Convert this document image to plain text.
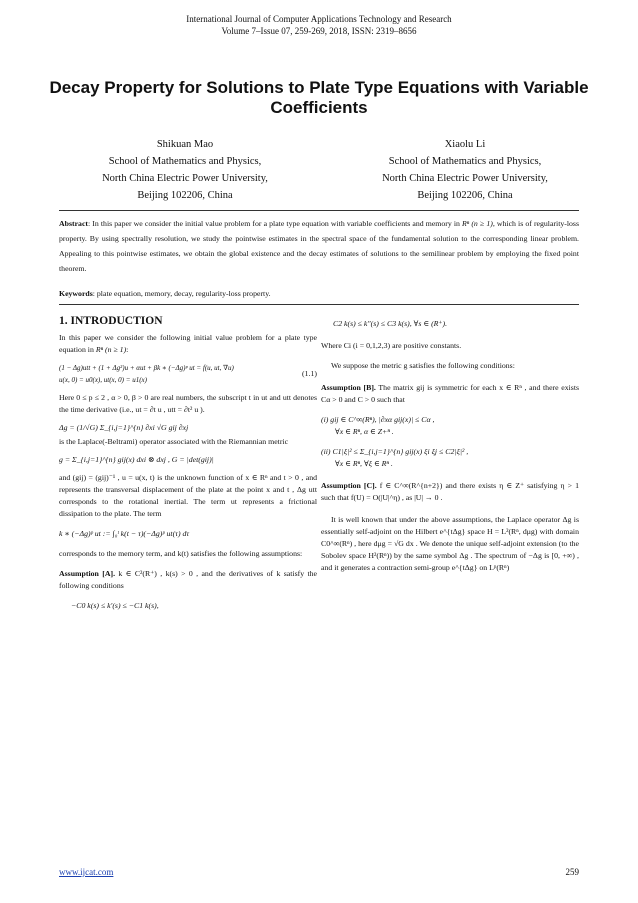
International Journal of Computer Applications Technology and Research
Volume 7–Issue 07, 259-269, 2018, ISSN: 2319–8656
Decay Property for Solutions to Plate Type Equations with Variable Coefficients
Shikuan Mao
School of Mathematics and Physics,
North China Electric Power University,
Beijing 102206, China
Xiaolu Li
School of Mathematics and Physics,
North China Electric Power University,
Beijing 102206, China
Abstract: In this paper we consider the initial value problem for a plate type equation with variable coefficients and memory in Rⁿ (n ≥ 1), which is of regularity-loss property. By using spectrally resolution, we study the pointwise estimates in the spectral space of the fundamental solution to the corresponding linear problem. Appealing to this pointwise estimates, we obtain the global existence and the decay estimates of solutions to the semilinear problem by employing the fixed point theorem.
Keywords: plate equation, memory, decay, regularity-loss property.
1. INTRODUCTION

In this paper we consider the following initial value problem for a plate type equation in Rⁿ (n ≥ 1):

(1 − Δg)utt + (1 + Δg²)u + αut + βk ∗ (−Δg)ᵖ ut = f(u, ut, ∇u)

u(x, 0) = u0(x), ut(x, 0) = u1(x)

(1.1)

Here 0 ≤ p ≤ 2 , α > 0, β > 0 are real numbers, the subscript t in ut and utt denotes the time derivative (i.e., ut = ∂t u , utt = ∂t² u ).

Δg = (1/√G) Σ_{i,j=1}^{n} ∂xi √G gij ∂xj

is the Laplace(-Beltrami) operator associated with the Riemannian metric

g = Σ_{i,j=1}^{n} gij(x) dxi ⊗ dxj , G = |det(gij)|

and (gij) = (gij)⁻¹ , u = u(x, t) is the unknown function of x ∈ Rⁿ and t > 0 , and represents the transversal displacement of the plate at the point x and t , Δg utt corresponds to the rotational inertial. The term ut represents a frictional dissipation to the plate. The term

k ∗ (−Δg)ᵖ ut := ∫₀ᵗ k(t − τ)(−Δg)ᵖ ut(τ) dτ

corresponds to the memory term, and k(t) satisfies the following assumptions:

Assumption [A]. k ∈ C²(R⁺) , k(s) > 0 , and the derivatives of k satisfy the following conditions

−C0 k(s) ≤ k′(s) ≤ −C1 k(s),

C2 k(s) ≤ k″(s) ≤ C3 k(s), ∀s ∈ (R⁺).

Where Ci (i = 0,1,2,3) are positive constants.

We suppose the metric g satisfies the following conditions:

Assumption [B]. The matrix gij is symmetric for each x ∈ Rⁿ , and there exists Cα > 0 and C > 0 such that

(i) gij ∈ C^∞(Rⁿ), |∂xα gij(x)| ≤ Cα ,

∀x ∈ Rⁿ, α ∈ Z+ⁿ .

(ii) C1|ξ|² ≤ Σ_{i,j=1}^{n} gij(x) ξi ξj ≤ C2|ξ|² ,

∀x ∈ Rⁿ, ∀ξ ∈ Rⁿ .

Assumption [C]. f ∈ C^∞(R^{n+2}) and there exists η ∈ Z⁺ satisfying η > 1 such that f(U) = O(|U|^η) , as |U| → 0 .

It is well known that under the above assumptions, the Laplace operator Δg is essentially self-adjoint on the Hilbert e^{tΔg} space H = L²(Rⁿ, dμg) with domain C0^∞(Rⁿ) , here dμg = √G dx . We denote the unique self-adjoint extension (to the Sobolev space H²(Rⁿ)) by the same symbol Δg . The spectrum of −Δg is [0, +∞) , and it generates a contraction semi-group e^{tΔg} on Lᵖ(Rⁿ)

www.ijcat.com	259
